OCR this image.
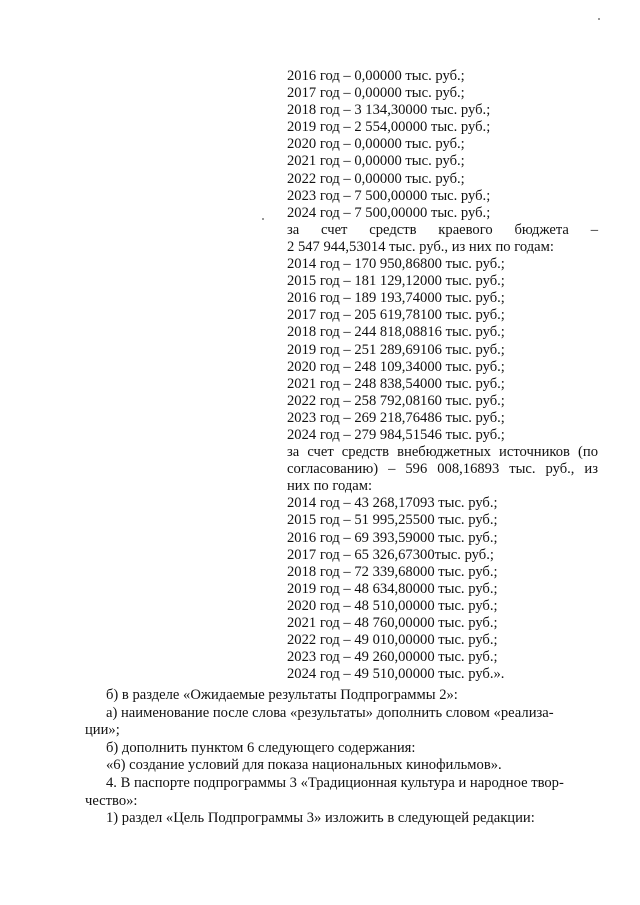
2016 год – 0,00000 тыс. руб.;
2017 год – 0,00000 тыс. руб.;
2018 год – 3 134,30000 тыс. руб.;
2019 год – 2 554,00000 тыс. руб.;
2020 год – 0,00000 тыс. руб.;
2021 год – 0,00000 тыс. руб.;
2022 год – 0,00000 тыс. руб.;
2023 год – 7 500,00000 тыс. руб.;
2024 год – 7 500,00000 тыс. руб.;
за счет средств краевого бюджета –
2 547 944,53014 тыс. руб., из них по годам:
2014 год – 170 950,86800 тыс. руб.;
2015 год – 181 129,12000 тыс. руб.;
2016 год – 189 193,74000 тыс. руб.;
2017 год – 205 619,78100 тыс. руб.;
2018 год – 244 818,08816 тыс. руб.;
2019 год – 251 289,69106 тыс. руб.;
2020 год – 248 109,34000 тыс. руб.;
2021 год – 248 838,54000 тыс. руб.;
2022 год – 258 792,08160 тыс. руб.;
2023 год – 269 218,76486 тыс. руб.;
2024 год – 279 984,51546 тыс. руб.;
за счет средств внебюджетных источников (по
согласованию) – 596 008,16893 тыс. руб., из
них по годам:
2014 год – 43 268,17093 тыс. руб.;
2015 год – 51 995,25500 тыс. руб.;
2016 год – 69 393,59000 тыс. руб.;
2017 год – 65 326,67300тыс. руб.;
2018 год – 72 339,68000 тыс. руб.;
2019 год – 48 634,80000 тыс. руб.;
2020 год – 48 510,00000 тыс. руб.;
2021 год – 48 760,00000 тыс. руб.;
2022 год – 49 010,00000 тыс. руб.;
2023 год – 49 260,00000 тыс. руб.;
2024 год – 49 510,00000 тыс. руб.».
б) в разделе «Ожидаемые результаты Подпрограммы 2»:
а) наименование после слова «результаты» дополнить словом «реализа-
ции»;
б) дополнить пунктом 6 следующего содержания:
«6) создание условий для показа национальных кинофильмов».
4. В паспорте подпрограммы 3 «Традиционная культура и народное твор-
чество»:
1) раздел «Цель Подпрограммы 3» изложить в следующей редакции:
